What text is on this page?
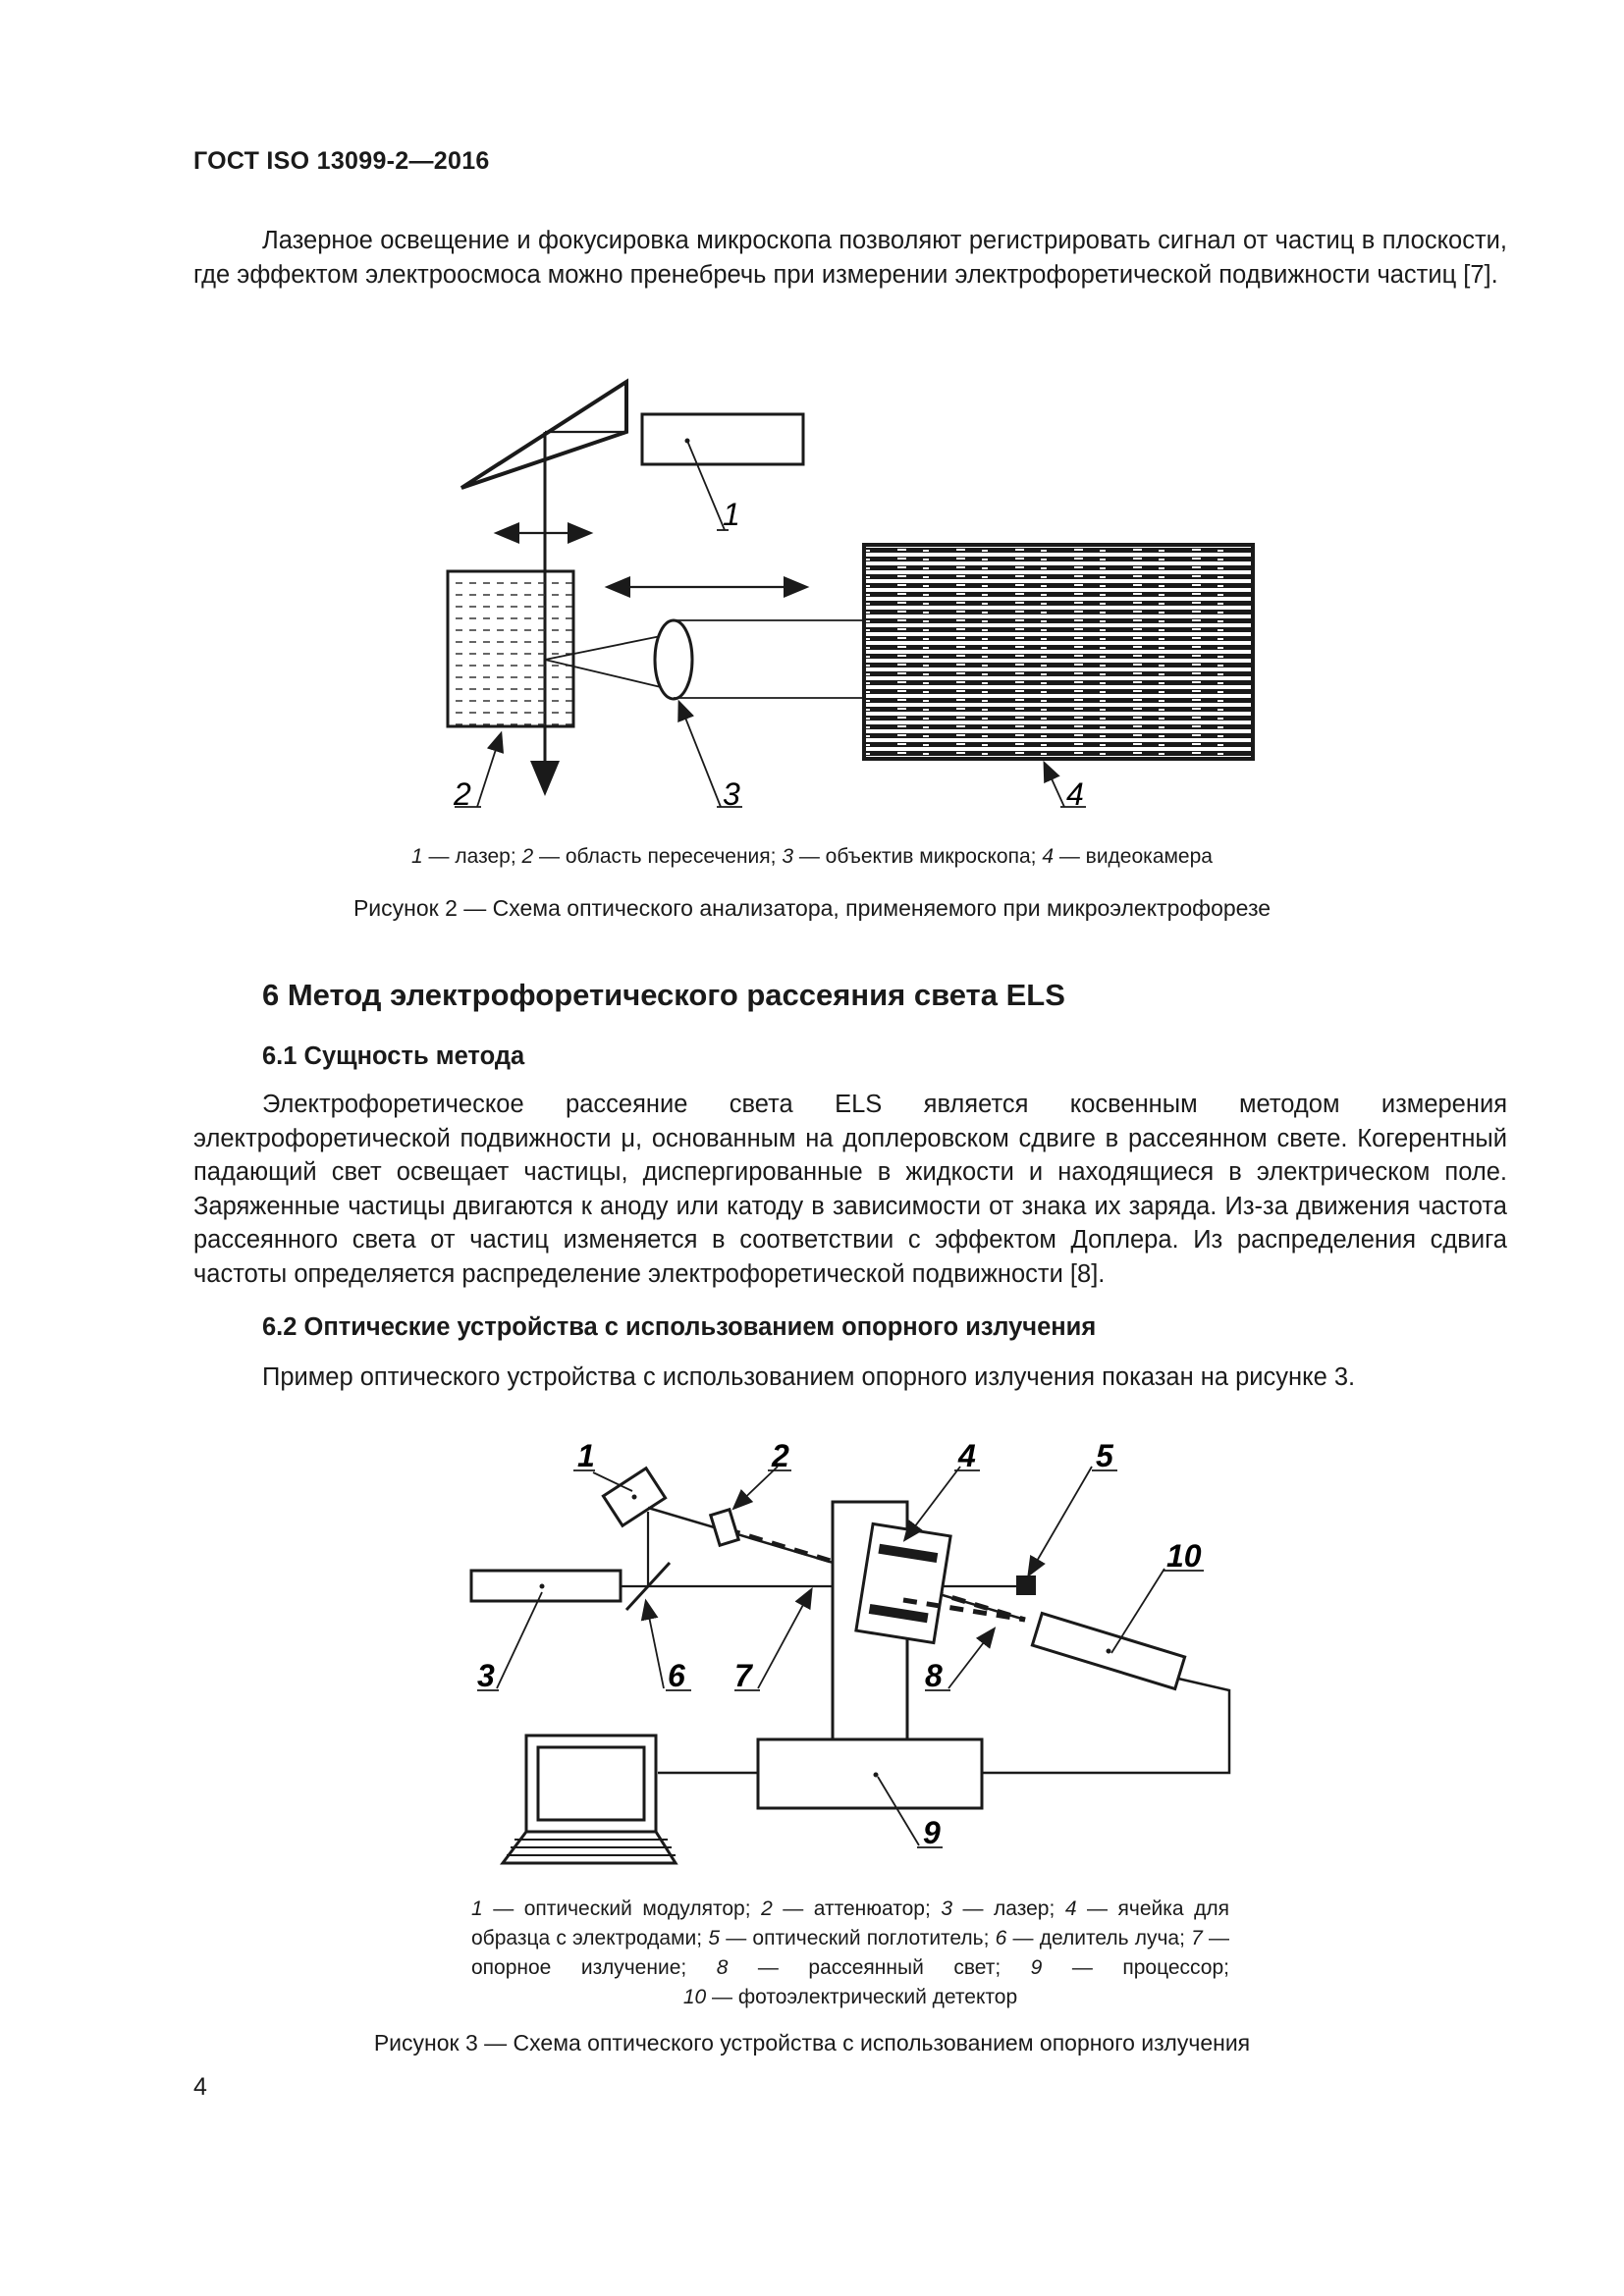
ГОСТ ISO 13099-2—2016
Лазерное освещение и фокусировка микроскопа позволяют регистрировать сигнал от частиц в плоскости, где эффектом электроосмоса можно пренебречь при измерении электрофоретической подвижности частиц [7].
1
2	3	4
1 — лазер; 2 — область пересечения; 3 — объектив микроскопа; 4 — видеокамера
Рисунок 2 — Схема оптического анализатора, применяемого при микроэлектрофорезе
6 Метод электрофоретического рассеяния света ELS
6.1 Сущность метода
Электрофоретическое рассеяние света ELS является косвенным методом измерения электрофоретической подвижности μ, основанным на доплеровском сдвиге в рассеянном свете. Когерентный падающий свет освещает частицы, диспергированные в жидкости и находящиеся в электрическом поле. Заряженные частицы двигаются к аноду или катоду в зависимости от знака их заряда. Из-за движения частота рассеянного света от частиц изменяется в соответствии с эффектом Доплера. Из распределения сдвига частоты определяется распределение электрофоретической подвижности [8].
6.2 Оптические устройства с использованием опорного излучения
Пример оптического устройства с использованием опорного излучения показан на рисунке 3.
1	2	4	5
10
3	6 7	8
9
1 — оптический модулятор; 2 — аттенюатор; 3 — лазер; 4 — ячейка для образца с электродами; 5 — оптический поглотитель; 6 — делитель луча; 7 — опорное излучение; 8 — рассеянный свет; 9 — процессор;
10 — фотоэлектрический детектор
Рисунок 3 — Схема оптического устройства с использованием опорного излучения
4
